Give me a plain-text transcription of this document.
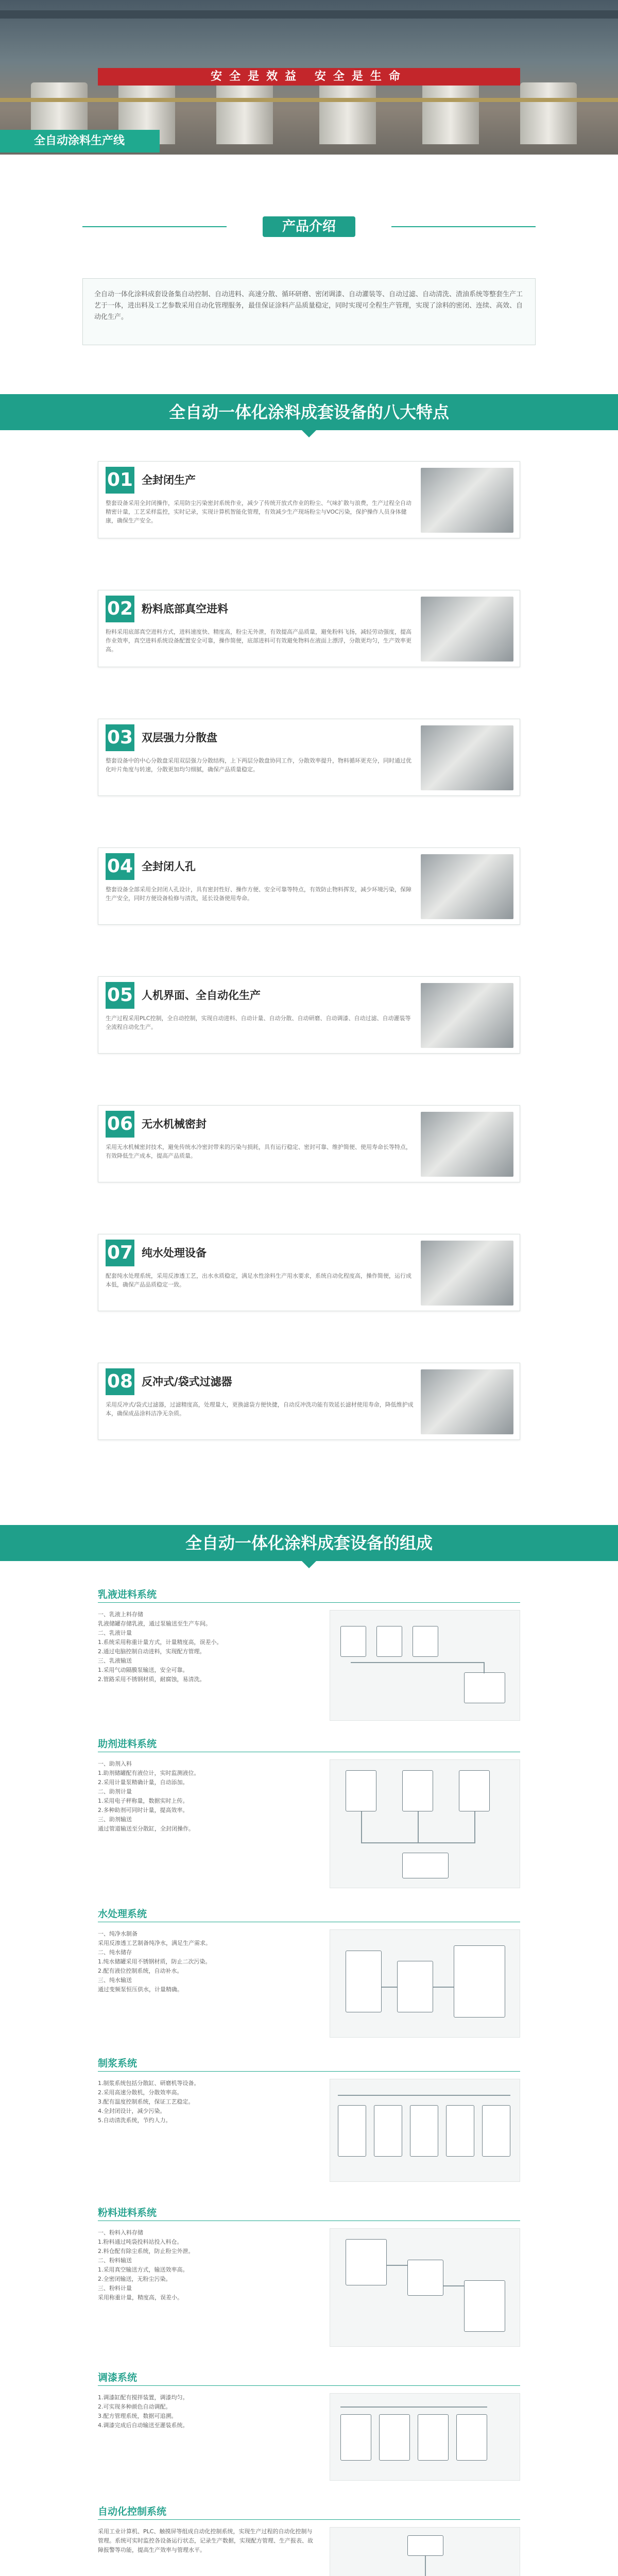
安全是效益 安全是生命
全自动涂料生产线
产品介绍
全自动一体化涂料成套设备集自动控制、自动进料、高速分散、循环研磨、密闭调漆、自动灌装等、自动过滤、自动清洗、渣油系统等整套生产工艺于一体，进出料及工艺参数采用自动化管理服务，最佳保证涂料产品质量稳定，同时实现可全程生产管理，实现了涂料的密闭、连续、高效、自动化生产。
全自动一体化涂料成套设备的八大特点
01 全封闭生产
整套设备采用全封闭操作，采用防尘污染密封系统作业，减少了传统开放式作业的粉尘、气味扩散与浪费，生产过程全自动精密计量，工艺采样监控，实时记录，实现计算机智能化管理，有效减少生产现场粉尘与VOC污染，保护操作人员身体健康，确保生产安全。
02 粉料底部真空进料
粉料采用底部真空进料方式，进料速度快、精度高，粉尘无外泄，有效提高产品质量，避免粉料飞扬，减轻劳动强度，提高作业效率，真空进料系统设备配置安全可靠，操作简便，底部进料可有效避免物料在液面上漂浮，分散更均匀，生产效率更高。
03 双层强力分散盘
整套设备中的中心分散盘采用双层强力分散结构，上下两层分散盘协同工作，分散效率提升，物料循环更充分，同时通过优化叶片角度与转速，分散更加均匀细腻，确保产品质量稳定。
04 全封闭人孔
整套设备全部采用全封闭人孔设计，具有密封性好、操作方便、安全可靠等特点，有效防止物料挥发，减少环境污染，保障生产安全，同时方便设备检修与清洗，延长设备使用寿命。
05 人机界面、全自动化生产
生产过程采用PLC控制，全自动控制，实现自动进料、自动计量、自动分散、自动研磨、自动调漆、自动过滤、自动灌装等全流程自动化生产。
06 无水机械密封
采用无水机械密封技术，避免传统水冷密封带来的污染与损耗，具有运行稳定、密封可靠、维护简便、使用寿命长等特点，有效降低生产成本，提高产品质量。
07 纯水处理设备
配套纯水处理系统，采用反渗透工艺，出水水质稳定，满足水性涂料生产用水要求，系统自动化程度高，操作简便，运行成本低，确保产品品质稳定一致。
08 反冲式/袋式过滤器
采用反冲式/袋式过滤器，过滤精度高，处理量大，更换滤袋方便快捷，自动反冲洗功能有效延长滤材使用寿命，降低维护成本，确保成品涂料洁净无杂质。
全自动一体化涂料成套设备的组成
乳液进料系统
一、乳液上料存储
乳液储罐存储乳液，通过泵输送至生产车间。
二、乳液计量
1.系统采用称重计量方式，计量精度高，误差小。
2.通过电脑控制自动进料，实现配方管理。
三、乳液输送
1.采用气动隔膜泵输送，安全可靠。
2.管路采用不锈钢材质，耐腐蚀，易清洗。
助剂进料系统
一、助剂入料
1.助剂储罐配有液位计，实时监测液位。
2.采用计量泵精确计量，自动添加。
二、助剂计量
1.采用电子秤称量，数据实时上传。
2.多种助剂可同时计量，提高效率。
三、助剂输送
通过管道输送至分散缸，全封闭操作。
水处理系统
一、纯净水制备
采用反渗透工艺制备纯净水，满足生产需求。
二、纯水储存
1.纯水储罐采用不锈钢材质，防止二次污染。
2.配有液位控制系统，自动补水。
三、纯水输送
通过变频泵恒压供水，计量精确。
制浆系统
1.制浆系统包括分散缸、研磨机等设备。
2.采用高速分散机，分散效率高。
3.配有温度控制系统，保证工艺稳定。
4.全封闭设计，减少污染。
5.自动清洗系统，节约人力。
粉料进料系统
一、粉料入料存储
1.粉料通过吨袋投料站投入料仓。
2.料仓配有除尘系统，防止粉尘外泄。
二、粉料输送
1.采用真空输送方式，输送效率高。
2.全密闭输送，无粉尘污染。
三、粉料计量
采用称重计量，精度高，误差小。
调漆系统
1.调漆缸配有搅拌装置，调漆均匀。
2.可实现多种颜色自动调配。
3.配方管理系统，数据可追溯。
4.调漆完成后自动输送至灌装系统。
自动化控制系统
采用工业计算机、PLC、触摸屏等组成自动化控制系统，实现生产过程的自动化控制与管理。系统可实时监控各设备运行状态，记录生产数据，实现配方管理、生产报表、故障报警等功能，提高生产效率与管理水平。
